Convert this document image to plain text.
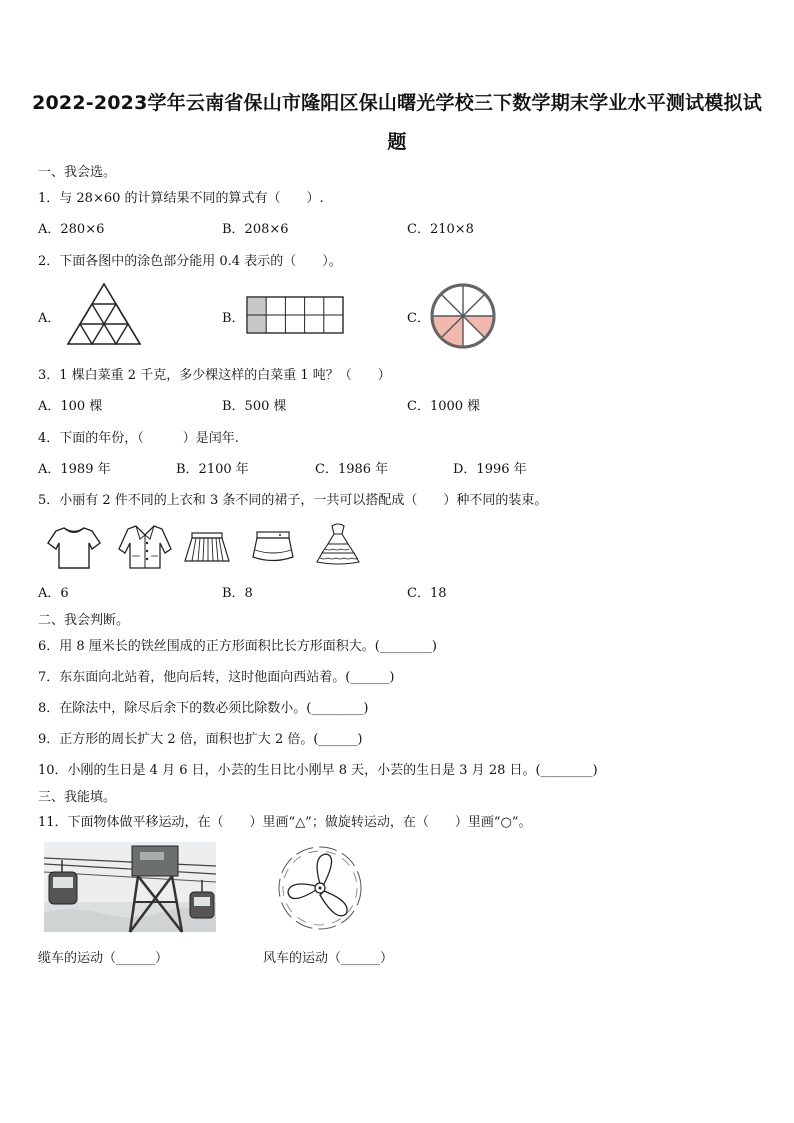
2022-2023学年云南省保山市隆阳区保山曙光学校三下数学期末学业水平测试模拟试
题
一、我会选。
1．与 28×60 的计算结果不同的算式有（　　）.
A．280×6	B．208×6	C．210×8
2．下面各图中的涂色部分能用 0.4 表示的（　　）。
A．	B．	C．
3．1 棵白菜重 2 千克，多少棵这样的白菜重 1 吨？（　　）
A．100 棵	B．500 棵	C．1000 棵
4．下面的年份，（　　　）是闰年.
A．1989 年	B．2100 年	C．1986 年	D．1996 年
5．小丽有 2 件不同的上衣和 3 条不同的裙子，一共可以搭配成（　　）种不同的装束。
A．6	B．8	C．18
二、我会判断。
6．用 8 厘米长的铁丝围成的正方形面积比长方形面积大。(________)
7．东东面向北站着，他向后转，这时他面向西站着。(______)
8．在除法中，除尽后余下的数必须比除数小。(________)
9．正方形的周长扩大 2 倍，面积也扩大 2 倍。(______)
10．小刚的生日是 4 月 6 日，小芸的生日比小刚早 8 天，小芸的生日是 3 月 28 日。(________)
三、我能填。
11．下面物体做平移运动，在（　　）里画“△”；做旋转运动，在（　　）里画“○”。
缆车的运动（______）	风车的运动（______）
